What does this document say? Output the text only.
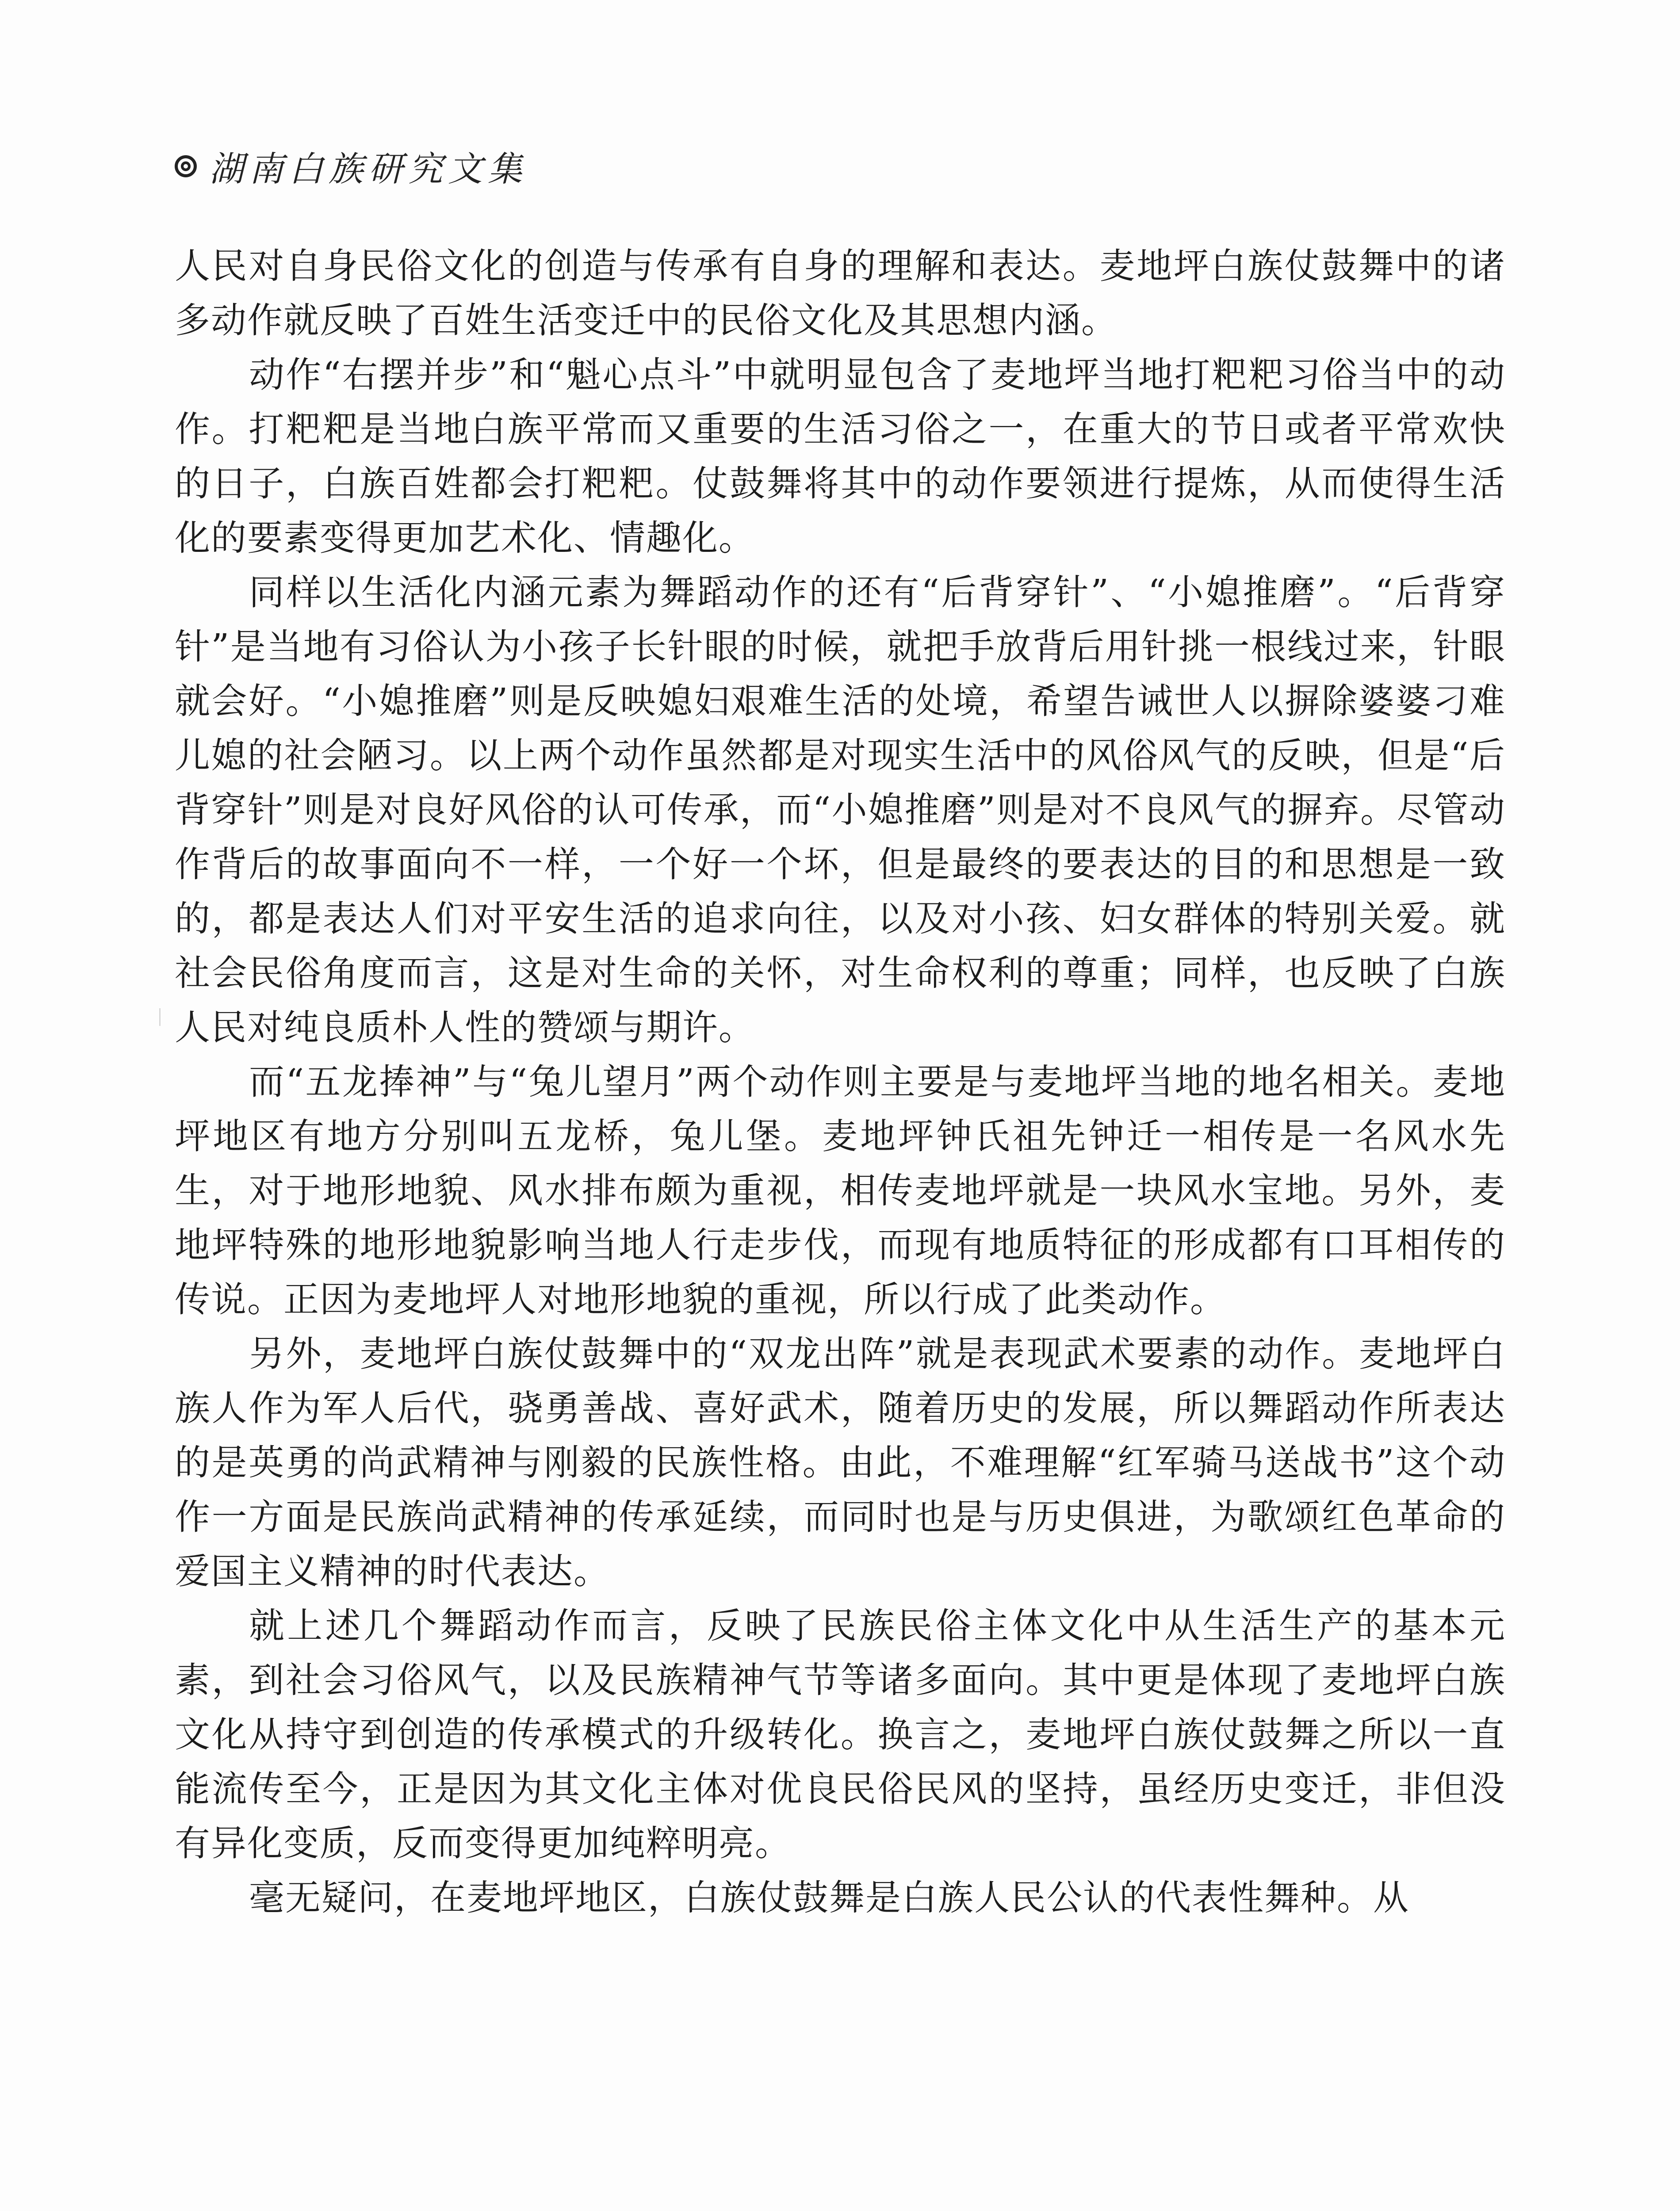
湖南白族研究文集

人民对自身民俗文化的创造与传承有自身的理解和表达。麦地坪白族仗鼓舞中的诸多动作就反映了百姓生活变迁中的民俗文化及其思想内涵。

动作“右摆并步”和“魁心点斗”中就明显包含了麦地坪当地打粑粑习俗当中的动作。打粑粑是当地白族平常而又重要的生活习俗之一，在重大的节日或者平常欢快的日子，白族百姓都会打粑粑。仗鼓舞将其中的动作要领进行提炼，从而使得生活化的要素变得更加艺术化、情趣化。

同样以生活化内涵元素为舞蹈动作的还有“后背穿针”、“小媳推磨”。“后背穿针”是当地有习俗认为小孩子长针眼的时候，就把手放背后用针挑一根线过来，针眼就会好。“小媳推磨”则是反映媳妇艰难生活的处境，希望告诫世人以摒除婆婆刁难儿媳的社会陋习。以上两个动作虽然都是对现实生活中的风俗风气的反映，但是“后背穿针”则是对良好风俗的认可传承，而“小媳推磨”则是对不良风气的摒弃。尽管动作背后的故事面向不一样，一个好一个坏，但是最终的要表达的目的和思想是一致的，都是表达人们对平安生活的追求向往，以及对小孩、妇女群体的特别关爱。就社会民俗角度而言，这是对生命的关怀，对生命权利的尊重；同样，也反映了白族人民对纯良质朴人性的赞颂与期许。

而“五龙捧神”与“兔儿望月”两个动作则主要是与麦地坪当地的地名相关。麦地坪地区有地方分别叫五龙桥，兔儿堡。麦地坪钟氏祖先钟迁一相传是一名风水先生，对于地形地貌、风水排布颇为重视，相传麦地坪就是一块风水宝地。另外，麦地坪特殊的地形地貌影响当地人行走步伐，而现有地质特征的形成都有口耳相传的传说。正因为麦地坪人对地形地貌的重视，所以行成了此类动作。

另外，麦地坪白族仗鼓舞中的“双龙出阵”就是表现武术要素的动作。麦地坪白族人作为军人后代，骁勇善战、喜好武术，随着历史的发展，所以舞蹈动作所表达的是英勇的尚武精神与刚毅的民族性格。由此，不难理解“红军骑马送战书”这个动作一方面是民族尚武精神的传承延续，而同时也是与历史俱进，为歌颂红色革命的爱国主义精神的时代表达。

就上述几个舞蹈动作而言，反映了民族民俗主体文化中从生活生产的基本元素，到社会习俗风气，以及民族精神气节等诸多面向。其中更是体现了麦地坪白族文化从持守到创造的传承模式的升级转化。换言之，麦地坪白族仗鼓舞之所以一直能流传至今，正是因为其文化主体对优良民俗民风的坚持，虽经历史变迁，非但没有异化变质，反而变得更加纯粹明亮。

毫无疑问，在麦地坪地区，白族仗鼓舞是白族人民公认的代表性舞种。从
